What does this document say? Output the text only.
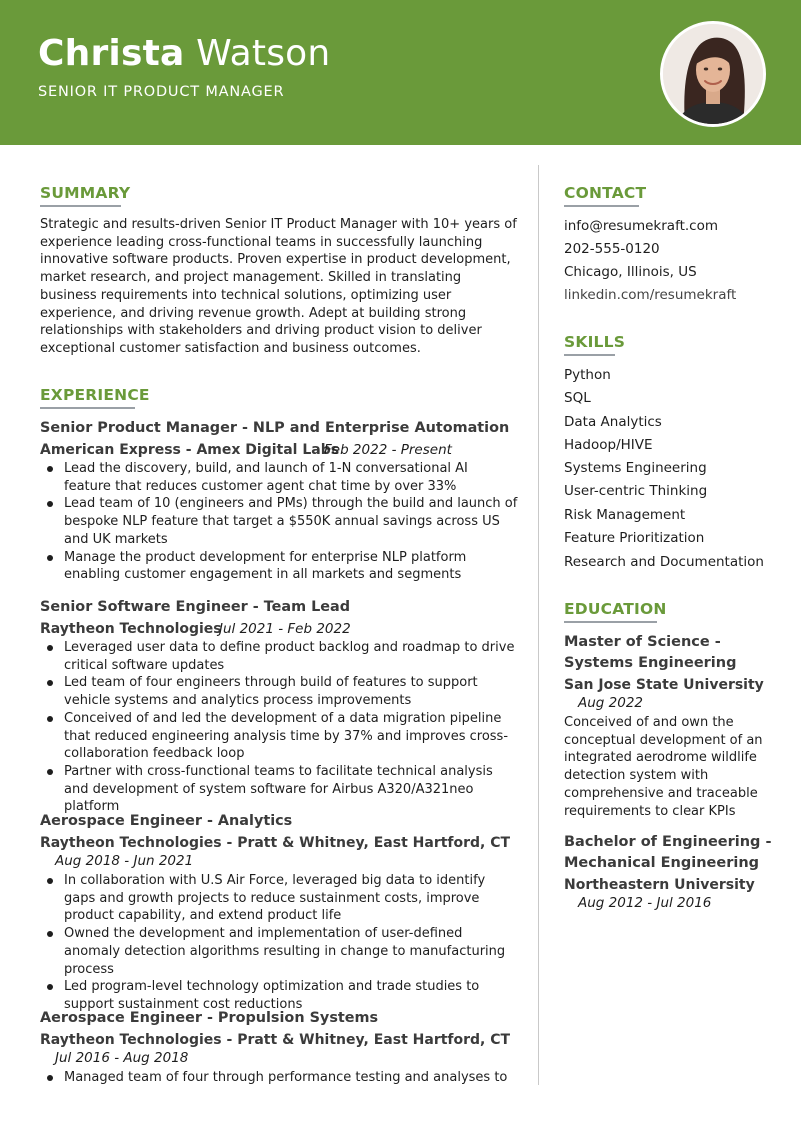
Christa Watson
SENIOR IT PRODUCT MANAGER
SUMMARY

Strategic and results-driven Senior IT Product Manager with 10+ years of experience leading cross-functional teams in successfully launching innovative software products. Proven expertise in product development, market research, and project management. Skilled in translating business requirements into technical solutions, optimizing user experience, and driving revenue growth. Adept at building strong relationships with stakeholders and driving product vision to deliver exceptional customer satisfaction and business outcomes.

EXPERIENCE
Senior Product Manager - NLP and Enterprise Automation
American Express - Amex Digital Labs
Feb 2022 - Present
Lead the discovery, build, and launch of 1-N conversational AI feature that reduces customer agent chat time by over 33%
Lead team of 10 (engineers and PMs) through the build and launch of bespoke NLP feature that target a $550K annual savings across US and UK markets
Manage the product development for enterprise NLP platform enabling customer engagement in all markets and segments
Senior Software Engineer - Team Lead
Raytheon Technologies
Jul 2021 - Feb 2022
Leveraged user data to define product backlog and roadmap to drive critical software updates
Led team of four engineers through build of features to support vehicle systems and analytics process improvements
Conceived of and led the development of a data migration pipeline that reduced engineering analysis time by 37% and improves cross-collaboration feedback loop
Partner with cross-functional teams to facilitate technical analysis and development of system software for Airbus A320/A321neo platform
Aerospace Engineer - Analytics
Raytheon Technologies - Pratt & Whitney, East Hartford, CT
Aug 2018 - Jun 2021
In collaboration with U.S Air Force, leveraged big data to identify gaps and growth projects to reduce sustainment costs, improve product capability, and extend product life
Owned the development and implementation of user-defined anomaly detection algorithms resulting in change to manufacturing process
Led program-level technology optimization and trade studies to support sustainment cost reductions
Aerospace Engineer - Propulsion Systems
Raytheon Technologies - Pratt & Whitney, East Hartford, CT
Jul 2016 - Aug 2018
Managed team of four through performance testing and analyses to
CONTACT
info@resumekraft.com
202-555-0120
Chicago, Illinois, US
linkedin.com/resumekraft
SKILLS
Python
SQL
Data Analytics
Hadoop/HIVE
Systems Engineering
User-centric Thinking
Risk Management
Feature Prioritization
Research and Documentation
EDUCATION
Master of Science - Systems Engineering
San Jose State University
Aug 2022

Conceived of and own the conceptual development of an integrated aerodrome wildlife detection system with comprehensive and traceable requirements to clear KPIs

Bachelor of Engineering - Mechanical Engineering
Northeastern University
Aug 2012 - Jul 2016
